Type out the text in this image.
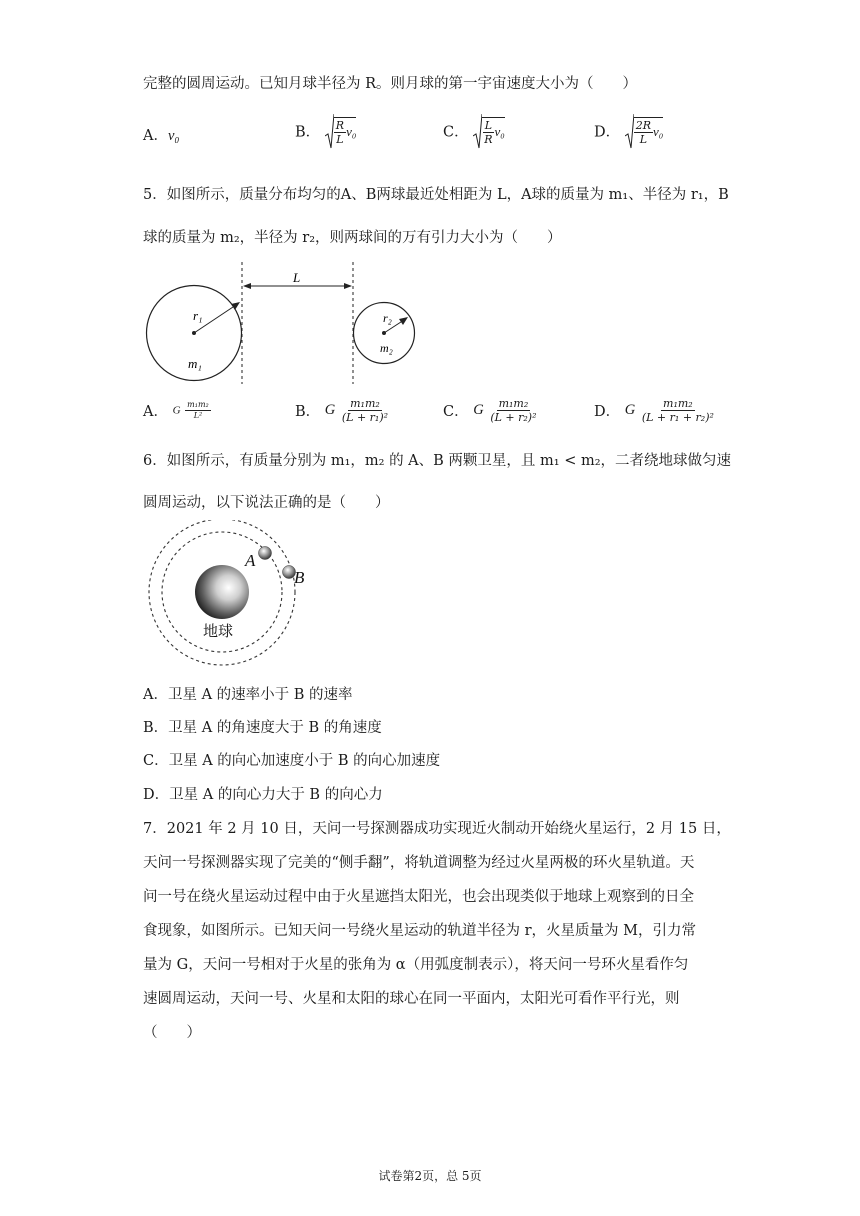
完整的圆周运动。已知月球半径为 R。则月球的第一宇宙速度大小为（　　）
A．v₀	B． $\frac{R}{L} v_0$	C． $\frac{L}{R} v_0$	D． $\frac{2R}{L} v_0$
5．如图所示，质量分布均匀的A、B两球最近处相距为 L，A球的质量为 m₁、半径为 r₁，B
球的质量为 m₂，半径为 r₂，则两球间的万有引力大小为（　　）
r₁
m₁
L
r₂
m₂
A． G $\frac{\text{m₁m₂}}{\text{L²}}$	B． G $\frac{\text{m₁m₂}}{\text{(L + r₁)²}}$	C． G $\frac{\text{m₁m₂}}{\text{(L + r₂)²}}$	D． G $\frac{\text{m₁m₂}}{\text{(L + r₁ + r₂)²}}$
6．如图所示，有质量分别为 m₁，m₂ 的 A、B 两颗卫星，且 m₁ < m₂，二者绕地球做匀速
圆周运动，以下说法正确的是（　　）
地球
A
B
A．卫星 A 的速率小于 B 的速率
B．卫星 A 的角速度大于 B 的角速度
C．卫星 A 的向心加速度小于 B 的向心加速度
D．卫星 A 的向心力大于 B 的向心力
7．2021 年 2 月 10 日，天问一号探测器成功实现近火制动开始绕火星运行，2 月 15 日，
天问一号探测器实现了完美的“侧手翻”，将轨道调整为经过火星两极的环火星轨道。天
问一号在绕火星运动过程中由于火星遮挡太阳光，也会出现类似于地球上观察到的日全
食现象，如图所示。已知天问一号绕火星运动的轨道半径为 r，火星质量为 M，引力常
量为 G，天问一号相对于火星的张角为 α（用弧度制表示），将天问一号环火星看作匀
速圆周运动，天问一号、火星和太阳的球心在同一平面内，太阳光可看作平行光，则
（　　）
试卷第2页，总 5页
